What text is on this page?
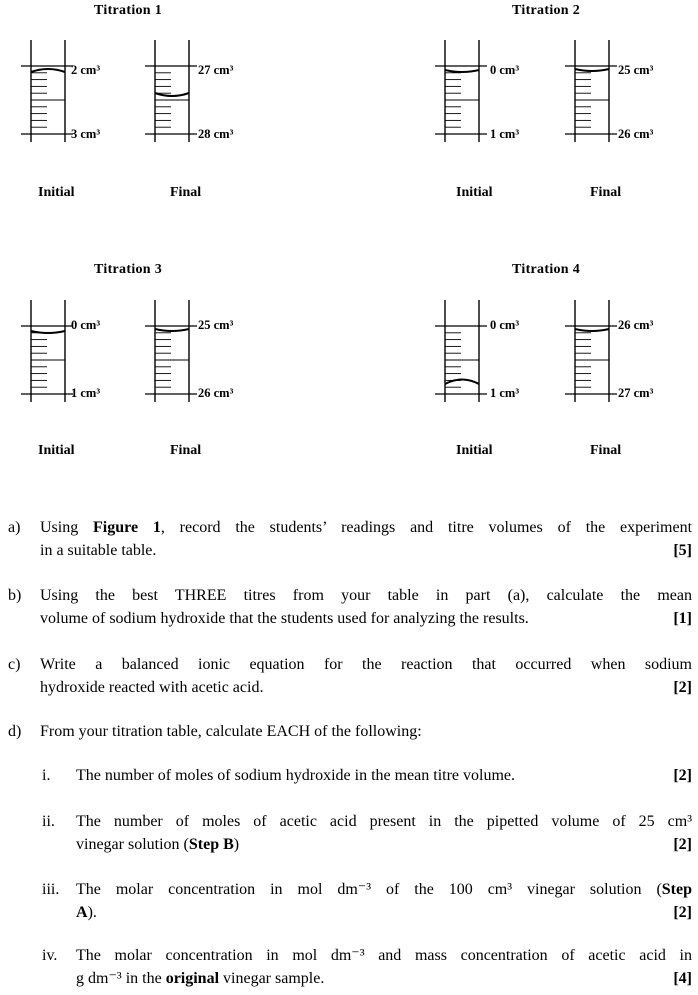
Titration 1
2 cm³
3 cm³
27 cm³
28 cm³
Initial	Final
Titration 2
0 cm³
1 cm³
25 cm³
26 cm³
Initial	Final
Titration 3
0 cm³
1 cm³
25 cm³
26 cm³
Initial	Final
Titration 4
0 cm³
1 cm³
26 cm³
27 cm³
Initial	Final
a) Using Figure 1, record the students’ readings and titre volumes of the experiment
in a suitable table.	[5]
b) Using the best THREE titres from your table in part (a), calculate the mean
volume of sodium hydroxide that the students used for analyzing the results.	[1]
c) Write a balanced ionic equation for the reaction that occurred when sodium
hydroxide reacted with acetic acid.	[2]
d) From your titration table, calculate EACH of the following:
i. The number of moles of sodium hydroxide in the mean titre volume.	[2]
ii. The number of moles of acetic acid present in the pipetted volume of 25 cm³
vinegar solution (Step B)	[2]
iii. The molar concentration in mol dm⁻³ of the 100 cm³ vinegar solution (Step
A).	[2]
iv. The molar concentration in mol dm⁻³ and mass concentration of acetic acid in
g dm⁻³ in the original vinegar sample.	[4]
